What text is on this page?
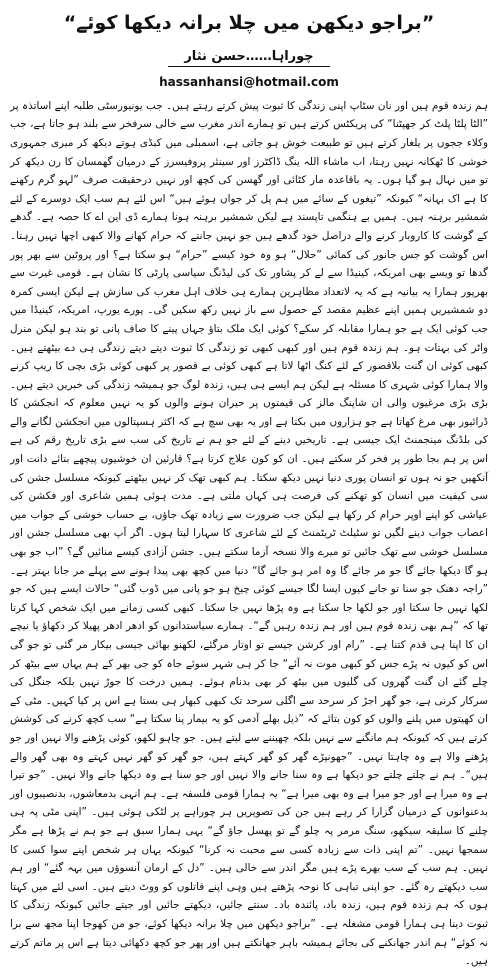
”براجو دیکھن میں چلا برانہ دیکھا کوئے“
چوراہا……حسن نثار
hassanhansi@hotmail.com

ہم زندہ قوم ہیں اور نان سٹاپ اپنی زندگی کا ثبوت پیش کرتے رہتے ہیں۔ جب یونیورسٹی طلبہ اپنے اساتذہ پر ”الٹا پلٹا پلٹ کر جھپٹنا“ کی پریکٹس کرتے ہیں تو ہمارے اندر مغرب سے خالی سرفخر سے بلند ہو جاتا ہے، جب وکلاء ججوں پر یلغار کرتے ہیں تو طبیعت خوش ہو جاتی ہے، اسمبلی میں کبڈی ہوتے دیکھ کر میری جمہوری خوشی کا ٹھکانہ نہیں رہتا، اب ماشاء اللہ ینگ ڈاکٹرز اور سینئر پروفیسرز کے درمیان گھمسان کا رن دیکھ کر تو میں نہال ہو گیا ہوں۔ یہ باقاعدہ مار کٹائی اور گھسن کی کچھ اور نہیں درحقیقت صرف ”لہو گرم رکھنے کا ہے اک بہانہ“ کیونکہ ”تیغوں کے سائے میں ہم پل کر جواں ہوئے ہیں“ اس لئے ہم سب ایک دوسرے کے لئے شمشیر برہنہ ہیں۔ ہمیں بے ہنگمی تاپسند ہے لیکن شمشیر برہنہ ہونا ہمارے ڈی این اے کا حصہ ہے۔ گدھے کے گوشت کا کاروبار کرنے والے دراصل خود گدھے ہیں جو نہیں جانتے کہ حرام کھانے والا کبھی اچھا نہیں رہتا۔ اس گوشت کو جس جانور کی کمائی ”حلال“ ہو وہ خود کیسے ”حرام“ ہو سکتا ہے؟ اور پروٹین سے بھر پور گدھا تو ویسے بھی امریکہ، کینیڈا سے لے کر پشاور تک کی لیڈنگ سیاسی پارٹی کا نشان ہے۔ قومی غیرت سے بھرپور ہمارا یہ بیانیہ ہے کہ یہ لاتعداد مظاہرین ہمارے ہی خلاف اہل مغرب کی سازش ہے لیکن ایسی کمرہ دو شمشیریں ہمیں اپنے عظیم مقصد کے حصول سے باز نہیں رکھ سکیں گی۔ پورے یورپ، امریکہ، کینیڈا میں جب کوئی ایک ہے جو ہمارا مقابلہ کر سکے؟ کوئی ایک ملک بتاؤ جہاں پینے کا صاف پانی تو بند ہو لیکن منرل واٹر کی بہتات ہو۔ ہم زندہ قوم ہیں اور کبھی کبھی تو زندگی کا ثبوت دیتے دیتے زندگی ہی دے بیٹھتے ہیں۔ کبھی کوئی ان گنت بلاقصور کے لئے کنگ اٹھا لاتا ہے کبھی کوئی بے قصور پر کبھی کوئی بڑی بچی کا ریپ کرنے والا ہمارا کوئی شہری کا مسئلہ ہے لیکن ہم ایسے ہی ہیں، زندہ لوگ جو ہمیشہ زندگی کی خبریں دیتے ہیں۔ بڑی بڑی مرغیوں والی ان شاپنگ مالز کی قیمتوں پر حیران ہونے والوں کو یہ نہیں معلوم کہ انجکشن کا ڈرائیور بھی مرغ کھاتا ہے جو ہزاروں میں بکتا ہے اور یہ بھی سچ ہے کہ اکثر ہسپتالوں میں انجکشن لگانے والے کی بلڈنگ مینجمنٹ ایک جیسی ہے۔ تاریخیں دینے کے لئے جو ہم نے تاریخ کی سب سے بڑی تاریخ رقم کی ہے اس پر ہم بجا طور پر فخر کر سکتے ہیں۔ ان کو کون علاج کرتا ہے؟ قارئین ان خوشیوں پیچھے بتائے دانت اور آنکھیں جو نہ ہوں تو انسان پوری دنیا نہیں دیکھ سکتا۔ ہم کبھی تھک کر نہیں بیٹھتے کیونکہ مسلسل جشن کی سی کیفیت میں انسان کو تھکنے کی فرصت ہی کہاں ملتی ہے۔ مدت ہوئی ہمیں شاعری اور فکشن کی عیاشی کو اپنے اوپر حرام کر رکھا ہے لیکن جب ضرورت سے زیادہ تھک جاؤں، بے حساب خوشی کے جواب میں اعصاب جواب دینے لگیں تو سٹیلٹ ٹریٹمنٹ کے لئے شاعری کا سہارا لیتا ہوں۔ اگر آپ بھی مسلسل جشن اور مسلسل خوشی سے تھک جائیں تو میرے والا نسخہ آزما سکتے ہیں۔ جشن آزادی کیسے منائیں گے؟ ”اب جو بھی ہو گا دیکھا جائے گا جو مر جائے گا وہ امر ہو جائے گا“ دنیا میں کچھ بھی پیدا ہونے سے پہلے مر جانا بہتر ہے۔ ”راجہ دھنک جو سنا تو جانے کیوں ایسا لگا جیسے کوئی چیخ ہو جو پانی میں ڈوب گئی“ حالات ایسے ہیں کہ جو لکھا نہیں جا سکتا اور جو لکھا جا سکتا ہے وہ پڑھا نہیں جا سکتا۔ کبھی کسی زمانے میں ایک شخص کہا کرتا تھا کہ ”ہم بھی زندہ قوم ہیں اور ہم زندہ رہیں گے“۔ ہمارے سیاستدانوں کو ادھر ادھر پھیلا کر دکھاؤ یا نیچے ان کا اپنا ہی قدم کتنا ہے۔ ”رام اور کرشن جیسے تو اوتار مرگئے، لکھنو بھائی جیسی بیکار مر گئی تو جو گی اس کو کیوں نہ پڑے جس کو کبھی موت نہ آئے“ جا کر ہی شہر سوئے جاہ کو جی بھر کے ہم یہاں سے بیٹھ کر چلے گئے ان گنت گھروں کی گلیوں میں بیٹھ کر بھی بدنام ہوئے۔ ہمیں درخت کا جوڑ نہیں بلکہ جنگل کی سرکار کرنی ہے، جو گھر اجڑ کر سرحد سے اگلی سرحد تک کبھی کبھار ہی بستا ہے اس پر کیا کہیں۔ مٹی کے ان کھیتوں میں پلنے والوں کو کون بتائے کہ ”ذیل بھلے آدمی کو یہ بیمار پنا سکتا ہے“ سب کچھ کرنے کی کوشش کرتے ہیں کہ کیونکہ ہم مانگنے سے نہیں بلکہ چھیننے سے لیتے ہیں۔ جو چاہو لکھو، کوئی پڑھنے والا نہیں اور جو پڑھنے والا ہے وہ چاہتا نہیں۔ ”جھونپڑے گھر کو گھر کہتے ہیں، جو گھر کو گھر نہیں کہتے وہ بھی گھر والے ہیں“۔ ہم نے چلتے چلتے جو دیکھا ہے وہ سنا جانے والا نہیں اور جو سنا ہے وہ دیکھا جانے والا نہیں۔ ”جو تیرا ہے وہ میرا ہے اور جو میرا ہے وہ بھی میرا ہے“ یہ ہمارا قومی فلسفہ ہے۔ ہم انہی بدمعاشوں، بدنصیبوں اور بدعنوانوں کے درمیان گزارا کر رہے ہیں جن کی تصویریں ہر چوراہے پر لٹکی ہوئی ہیں۔ ”اپنی مٹی پہ ہی چلنے کا سلیقہ سیکھو، سنگ مرمر پہ چلو گے تو پھسل جاؤ گے“ یہی ہمارا سبق ہے جو ہم نے پڑھا ہے مگر سمجھا نہیں۔ ”تم اپنی ذات سے زیادہ کسی سے محبت نہ کرنا“ کیونکہ یہاں ہر شخص اپنے سوا کسی کا نہیں۔ ہم سب کے سب بھرے پڑے ہیں مگر اندر سے خالی ہیں۔ ”دل کے ارمان آنسوؤں میں بہہ گئے“ اور ہم سب دیکھتے رہ گئے۔ جو اپنی تباہی کا نوحہ پڑھتے ہیں وہی اپنے قاتلوں کو ووٹ دیتے ہیں۔ اسی لئے میں کہتا ہوں کہ ہم زندہ قوم ہیں، زندہ باد، پائندہ باد۔ سنتے جائیں، دیکھتے جائیں اور جیتے جائیں کیونکہ زندگی کا ثبوت دینا ہی ہمارا قومی مشغلہ ہے۔ ”براجو دیکھن میں چلا برانہ دیکھا کوئے، جو من کھوجا اپنا مجھ سے برا نہ کوئے“ ہم اندر جھانکنے کی بجائے ہمیشہ باہر جھانکتے ہیں اور پھر جو کچھ دکھائی دیتا ہے اس پر ماتم کرتے ہیں۔
